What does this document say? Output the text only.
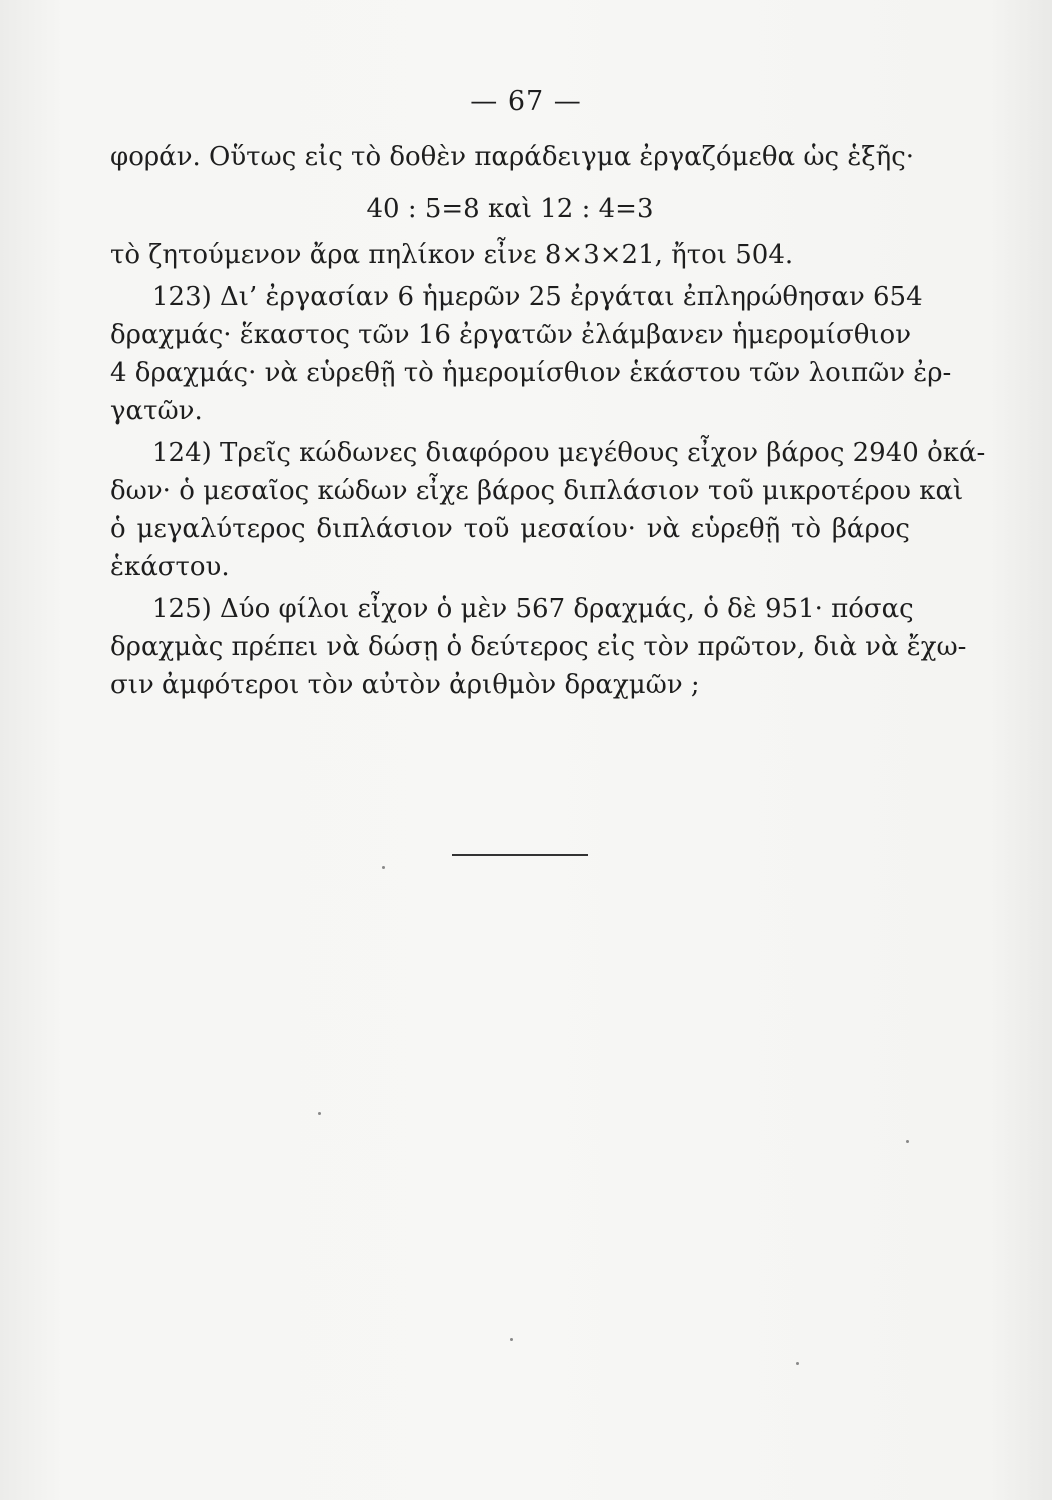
— 67 —
φοράν. Οὕτως εἰς τὸ δοθὲν παράδειγμα ἐργαζόμεθα ὡς ἑξῆς·
40 : 5=8 καὶ 12 : 4=3
τὸ ζητούμενον ἄρα πηλίκον εἶνε 8×3×21, ἤτοι 504.
123) Δι’ ἐργασίαν 6 ἡμερῶν 25 ἐργάται ἐπληρώθησαν 654
δραχμάς· ἕκαστος τῶν 16 ἐργατῶν ἐλάμβανεν ἡμερομίσθιον
4 δραχμάς· νὰ εὑρεθῇ τὸ ἡμερομίσθιον ἑκάστου τῶν λοιπῶν ἐρ-
γατῶν.
124) Τρεῖς κώδωνες διαφόρου μεγέθους εἶχον βάρος 2940 ὀκά-
δων· ὁ μεσαῖος κώδων εἶχε βάρος διπλάσιον τοῦ μικροτέρου καὶ
ὁ μεγαλύτερος διπλάσιον τοῦ μεσαίου· νὰ εὑρεθῇ τὸ βάρος
ἑκάστου.
125) Δύο φίλοι εἶχον ὁ μὲν 567 δραχμάς, ὁ δὲ 951· πόσας
δραχμὰς πρέπει νὰ δώσῃ ὁ δεύτερος εἰς τὸν πρῶτον, διὰ νὰ ἔχω-
σιν ἀμφότεροι τὸν αὐτὸν ἀριθμὸν δραχμῶν ;
